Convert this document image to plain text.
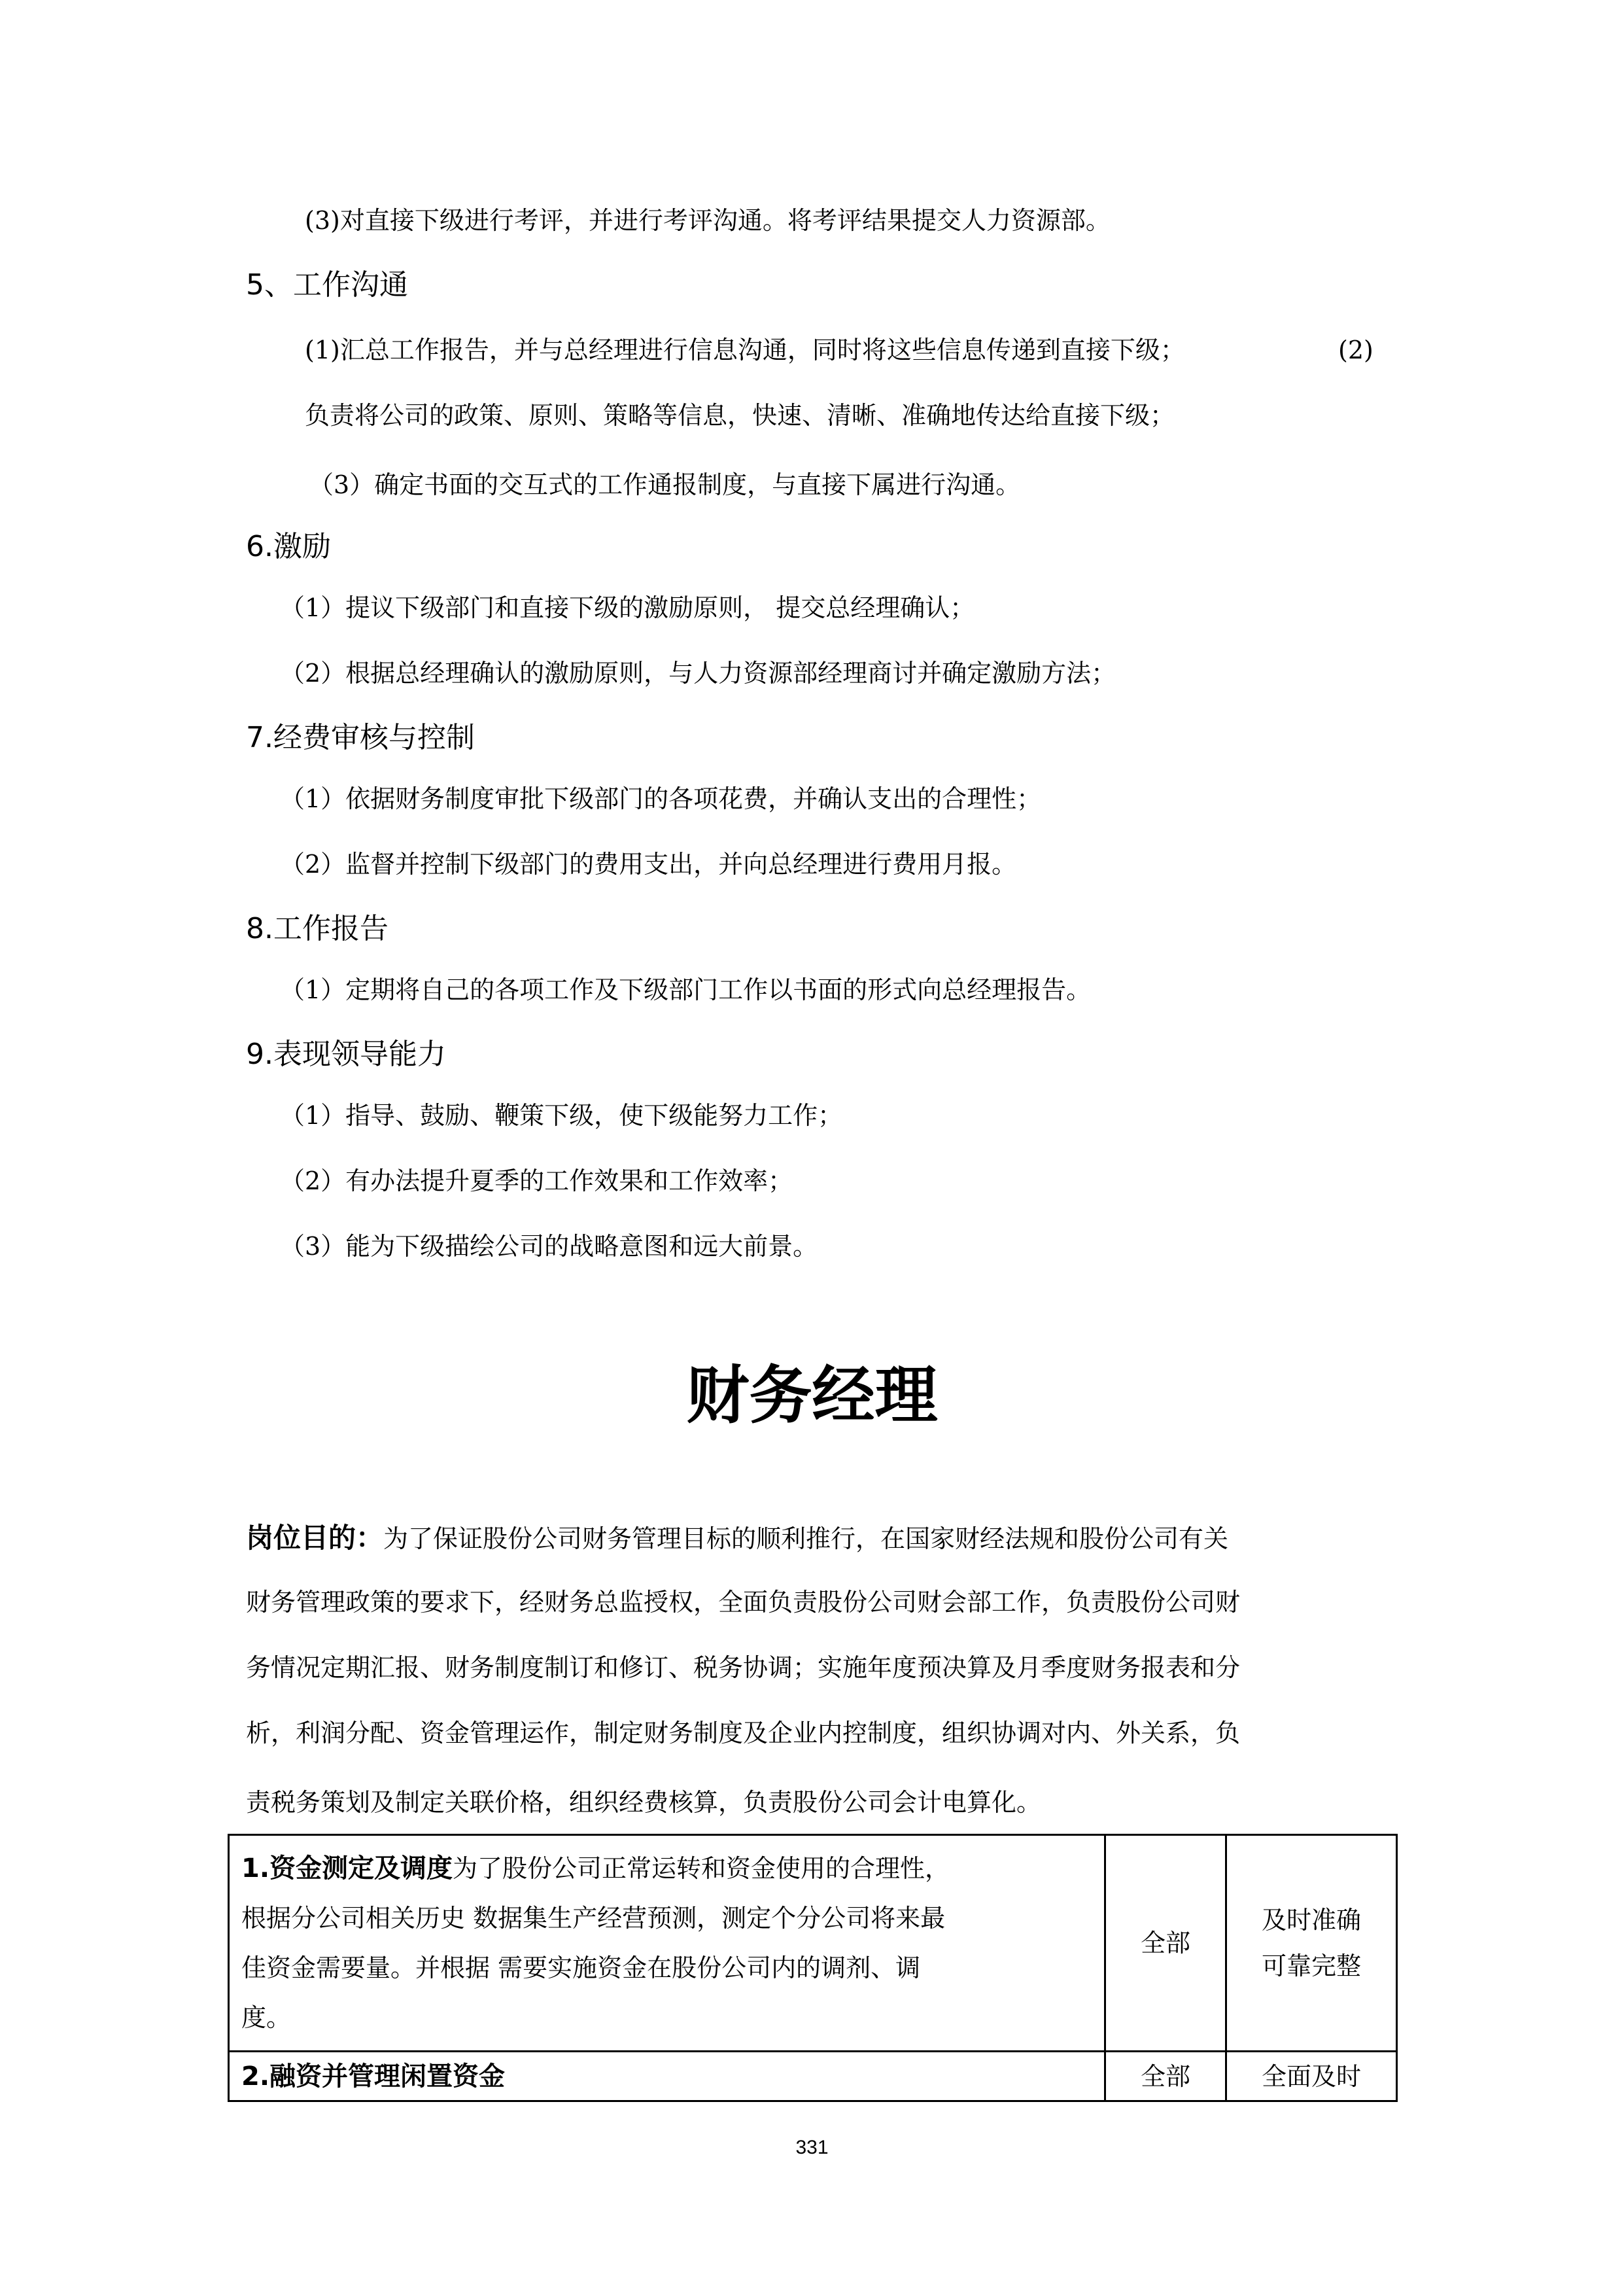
(3)对直接下级进行考评，并进行考评沟通。将考评结果提交人力资源部。
5、工作沟通
(1)汇总工作报告，并与总经理进行信息沟通，同时将这些信息传递到直接下级；	(2)
负责将公司的政策、原则、策略等信息，快速、清晰、准确地传达给直接下级；
（3）确定书面的交互式的工作通报制度，与直接下属进行沟通。
6.激励
（1）提议下级部门和直接下级的激励原则， 提交总经理确认；
（2）根据总经理确认的激励原则，与人力资源部经理商讨并确定激励方法；
7.经费审核与控制
（1）依据财务制度审批下级部门的各项花费，并确认支出的合理性；
（2）监督并控制下级部门的费用支出，并向总经理进行费用月报。
8.工作报告
（1）定期将自己的各项工作及下级部门工作以书面的形式向总经理报告。
9.表现领导能力
（1）指导、鼓励、鞭策下级，使下级能努力工作；
（2）有办法提升夏季的工作效果和工作效率；
（3）能为下级描绘公司的战略意图和远大前景。
财务经理
岗位目的：为了保证股份公司财务管理目标的顺利推行，在国家财经法规和股份公司有关
财务管理政策的要求下，经财务总监授权，全面负责股份公司财会部工作，负责股份公司财
务情况定期汇报、财务制度制订和修订、税务协调；实施年度预决算及月季度财务报表和分
析，利润分配、资金管理运作，制定财务制度及企业内控制度，组织协调对内、外关系，负
责税务策划及制定关联价格，组织经费核算，负责股份公司会计电算化。
1.资金测定及调度为了股份公司正常运转和资金使用的合理性，
根据分公司相关历史 数据集生产经营预测，测定个分公司将来最
佳资金需要量。并根据 需要实施资金在股份公司内的调剂、调
度。	全部	及时准确
可靠完整
2.融资并管理闲置资金	全部	全面及时
331
